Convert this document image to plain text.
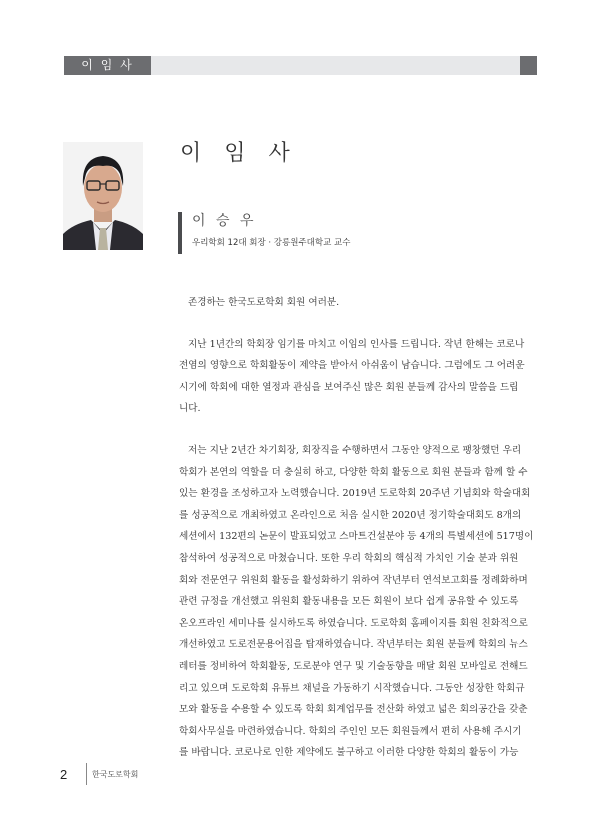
이 임 사
이 임 사
이 승 우
우리학회 12대 회장 · 강릉원주대학교 교수
존경하는 한국도로학회 회원 여러분.
지난 1년간의 학회장 임기를 마치고 이임의 인사를 드립니다. 작년 한해는 코로나
전염의 영향으로 학회활동이 제약을 받아서 아쉬움이 남습니다. 그럼에도 그 어려운
시기에 학회에 대한 열정과 관심을 보여주신 많은 회원 분들께 감사의 말씀을 드립
니다.
저는 지난 2년간 차기회장, 회장직을 수행하면서 그동안 양적으로 팽창했던 우리
학회가 본연의 역할을 더 충실히 하고, 다양한 학회 활동으로 회원 분들과 함께 할 수
있는 환경을 조성하고자 노력했습니다. 2019년 도로학회 20주년 기념회와 학술대회
를 성공적으로 개최하였고 온라인으로 처음 실시한 2020년 정기학술대회도 8개의
세션에서 132편의 논문이 발표되었고 스마트건설분야 등 4개의 특별세션에 517명이
참석하여 성공적으로 마쳤습니다. 또한 우리 학회의 핵심적 가치인 기술 분과 위원
회와 전문연구 위원회 활동을 활성화하기 위하여 작년부터 연석보고회를 정례화하며
관련 규정을 개선했고 위원회 활동내용을 모든 회원이 보다 쉽게 공유할 수 있도록
온오프라인 세미나를 실시하도록 하였습니다. 도로학회 홈페이지를 회원 친화적으로
개선하였고 도로전문용어집을 탑재하였습니다. 작년부터는 회원 분들께 학회의 뉴스
레터를 정비하여 학회활동, 도로분야 연구 및 기술동향을 매달 회원 모바일로 전해드
리고 있으며 도로학회 유튜브 채널을 가동하기 시작했습니다. 그동안 성장한 학회규
모와 활동을 수용할 수 있도록 학회 회계업무를 전산화 하였고 넓은 회의공간을 갖춘
학회사무실을 마련하였습니다. 학회의 주인인 모든 회원들께서 편히 사용해 주시기
를 바랍니다. 코로나로 인한 제약에도 불구하고 이러한 다양한 학회의 활동이 가능
2	한국도로학회
